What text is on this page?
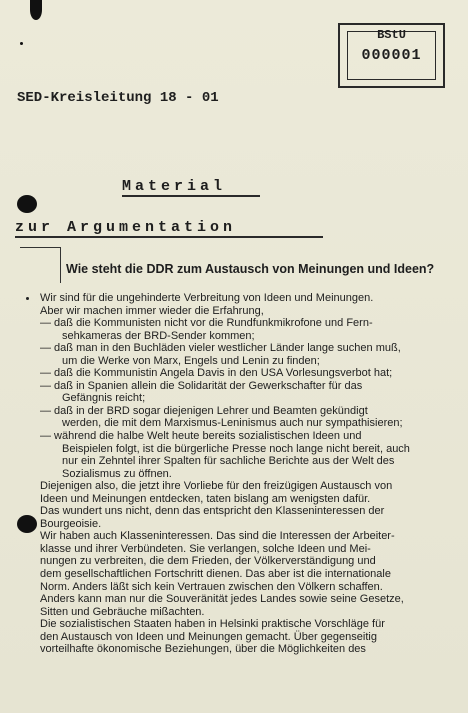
BStU
000001
SED-Kreisleitung 18 - 01
Material
zur Argumentation
Wie steht die DDR zum Austausch von Meinungen und Ideen?
Wir sind für die ungehinderte Verbreitung von Ideen und Meinungen.
Aber wir machen immer wieder die Erfahrung,
— daß die Kommunisten nicht vor die Rundfunkmikrofone und Fern-
sehkameras der BRD-Sender kommen;
— daß man in den Buchläden vieler westlicher Länder lange suchen muß,
um die Werke von Marx, Engels und Lenin zu finden;
— daß die Kommunistin Angela Davis in den USA Vorlesungsverbot hat;
— daß in Spanien allein die Solidarität der Gewerkschafter für das
Gefängnis reicht;
— daß in der BRD sogar diejenigen Lehrer und Beamten gekündigt
werden, die mit dem Marxismus-Leninismus auch nur sympathisieren;
— während die halbe Welt heute bereits sozialistischen Ideen und
Beispielen folgt, ist die bürgerliche Presse noch lange nicht bereit, auch
nur ein Zehntel ihrer Spalten für sachliche Berichte aus der Welt des
Sozialismus zu öffnen.
Diejenigen also, die jetzt ihre Vorliebe für den freizügigen Austausch von
Ideen und Meinungen entdecken, taten bislang am wenigsten dafür.
Das wundert uns nicht, denn das entspricht den Klasseninteressen der
Bourgeoisie.
Wir haben auch Klasseninteressen. Das sind die Interessen der Arbeiter-
klasse und ihrer Verbündeten. Sie verlangen, solche Ideen und Mei-
nungen zu verbreiten, die dem Frieden, der Völkerverständigung und
dem gesellschaftlichen Fortschritt dienen. Das aber ist die internationale
Norm. Anders läßt sich kein Vertrauen zwischen den Völkern schaffen.
Anders kann man nur die Souveränität jedes Landes sowie seine Gesetze,
Sitten und Gebräuche mißachten.
Die sozialistischen Staaten haben in Helsinki praktische Vorschläge für
den Austausch von Ideen und Meinungen gemacht. Über gegenseitig
vorteilhafte ökonomische Beziehungen, über die Möglichkeiten des
